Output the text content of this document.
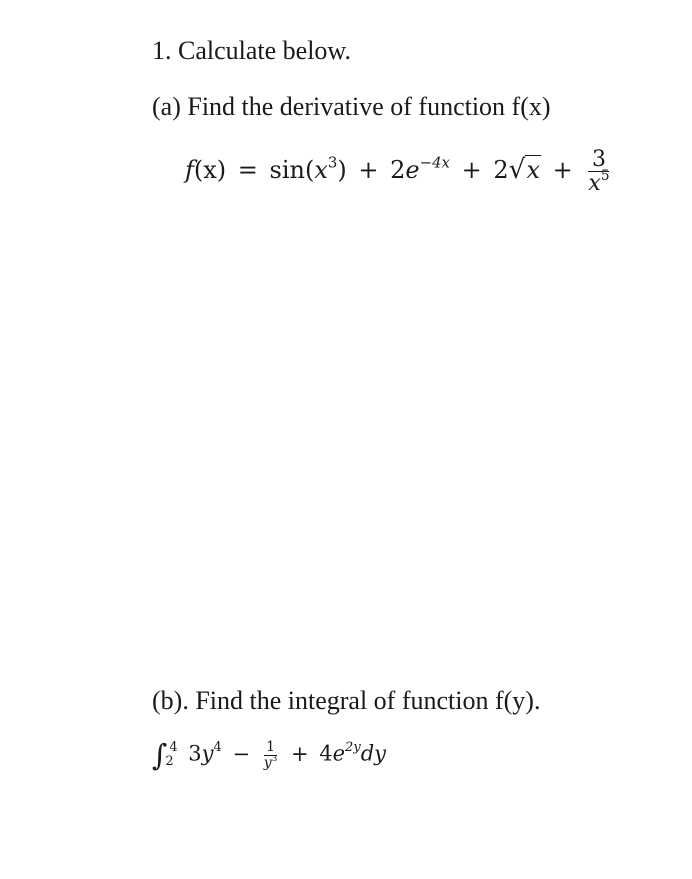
1. Calculate below.
(a) Find the derivative of function f(x)
$f(x) = \sin(x^3) + 2e^{-4x} + 2√x + \frac{3}{x^5}$
(b). Find the integral of function f(y).
∫ 4
2 $3y^4 - \frac{1}{y^3} + 4e^{2y}dy$
